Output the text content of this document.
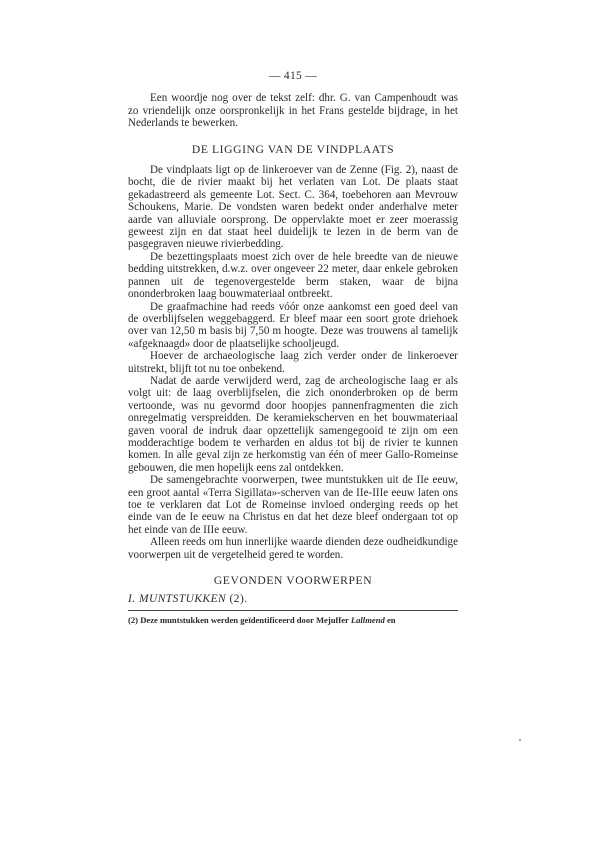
— 415 —

Een woordje nog over de tekst zelf: dhr. G. van Campenhoudt was zo vriendelijk onze oorspronkelijk in het Frans gestelde bijdrage, in het Nederlands te bewerken.

DE LIGGING VAN DE VINDPLAATS

De vindplaats ligt op de linkeroever van de Zenne (Fig. 2), naast de bocht, die de rivier maakt bij het verlaten van Lot. De plaats staat gekadastreerd als gemeente Lot. Sect. C. 364, toebehoren aan Mevrouw Schoukens, Marie. De vondsten waren bedekt onder anderhalve meter aarde van alluviale oorsprong. De oppervlakte moet er zeer moerassig geweest zijn en dat staat heel duidelijk te lezen in de berm van de pasgegraven nieuwe rivierbedding.

De bezettingsplaats moest zich over de hele breedte van de nieuwe bedding uitstrekken, d.w.z. over ongeveer 22 meter, daar enkele gebroken pannen uit de tegenovergestelde berm staken, waar de bijna ononderbroken laag bouwmateriaal ontbreekt.

De graafmachine had reeds vóór onze aankomst een goed deel van de overblijfselen weggebaggerd. Er bleef maar een soort grote driehoek over van 12,50 m basis bij 7,50 m hoogte. Deze was trouwens al tamelijk «afgeknaagd» door de plaatselijke schooljeugd.

Hoever de archaeologische laag zich verder onder de linkeroever uitstrekt, blijft tot nu toe onbekend.

Nadat de aarde verwijderd werd, zag de archeologische laag er als volgt uit: de laag overblijfselen, die zich ononderbroken op de berm vertoonde, was nu gevormd door hoopjes pannenfragmenten die zich onregelmatig verspreidden. De keramiekscherven en het bouwmateriaal gaven vooral de indruk daar opzettelijk samengegooid te zijn om een modderachtige bodem te verharden en aldus tot bij de rivier te kunnen komen. In alle geval zijn ze herkomstig van één of meer Gallo-Romeinse gebouwen, die men hopelijk eens zal ontdekken.

De samengebrachte voorwerpen, twee muntstukken uit de IIe eeuw, een groot aantal «Terra Sigillata»-scherven van de IIe-IIIe eeuw laten ons toe te verklaren dat Lot de Romeinse invloed onderging reeds op het einde van de Ie eeuw na Christus en dat het deze bleef ondergaan tot op het einde van de IIIe eeuw.

Alleen reeds om hun innerlijke waarde dienden deze oudheidkundige voorwerpen uit de vergetelheid gered te worden.

GEVONDEN VOORWERPEN
I. MUNTSTUKKEN (2).
(2) Deze muntstukken werden geïdentificeerd door Mejuffer Lallmend en
